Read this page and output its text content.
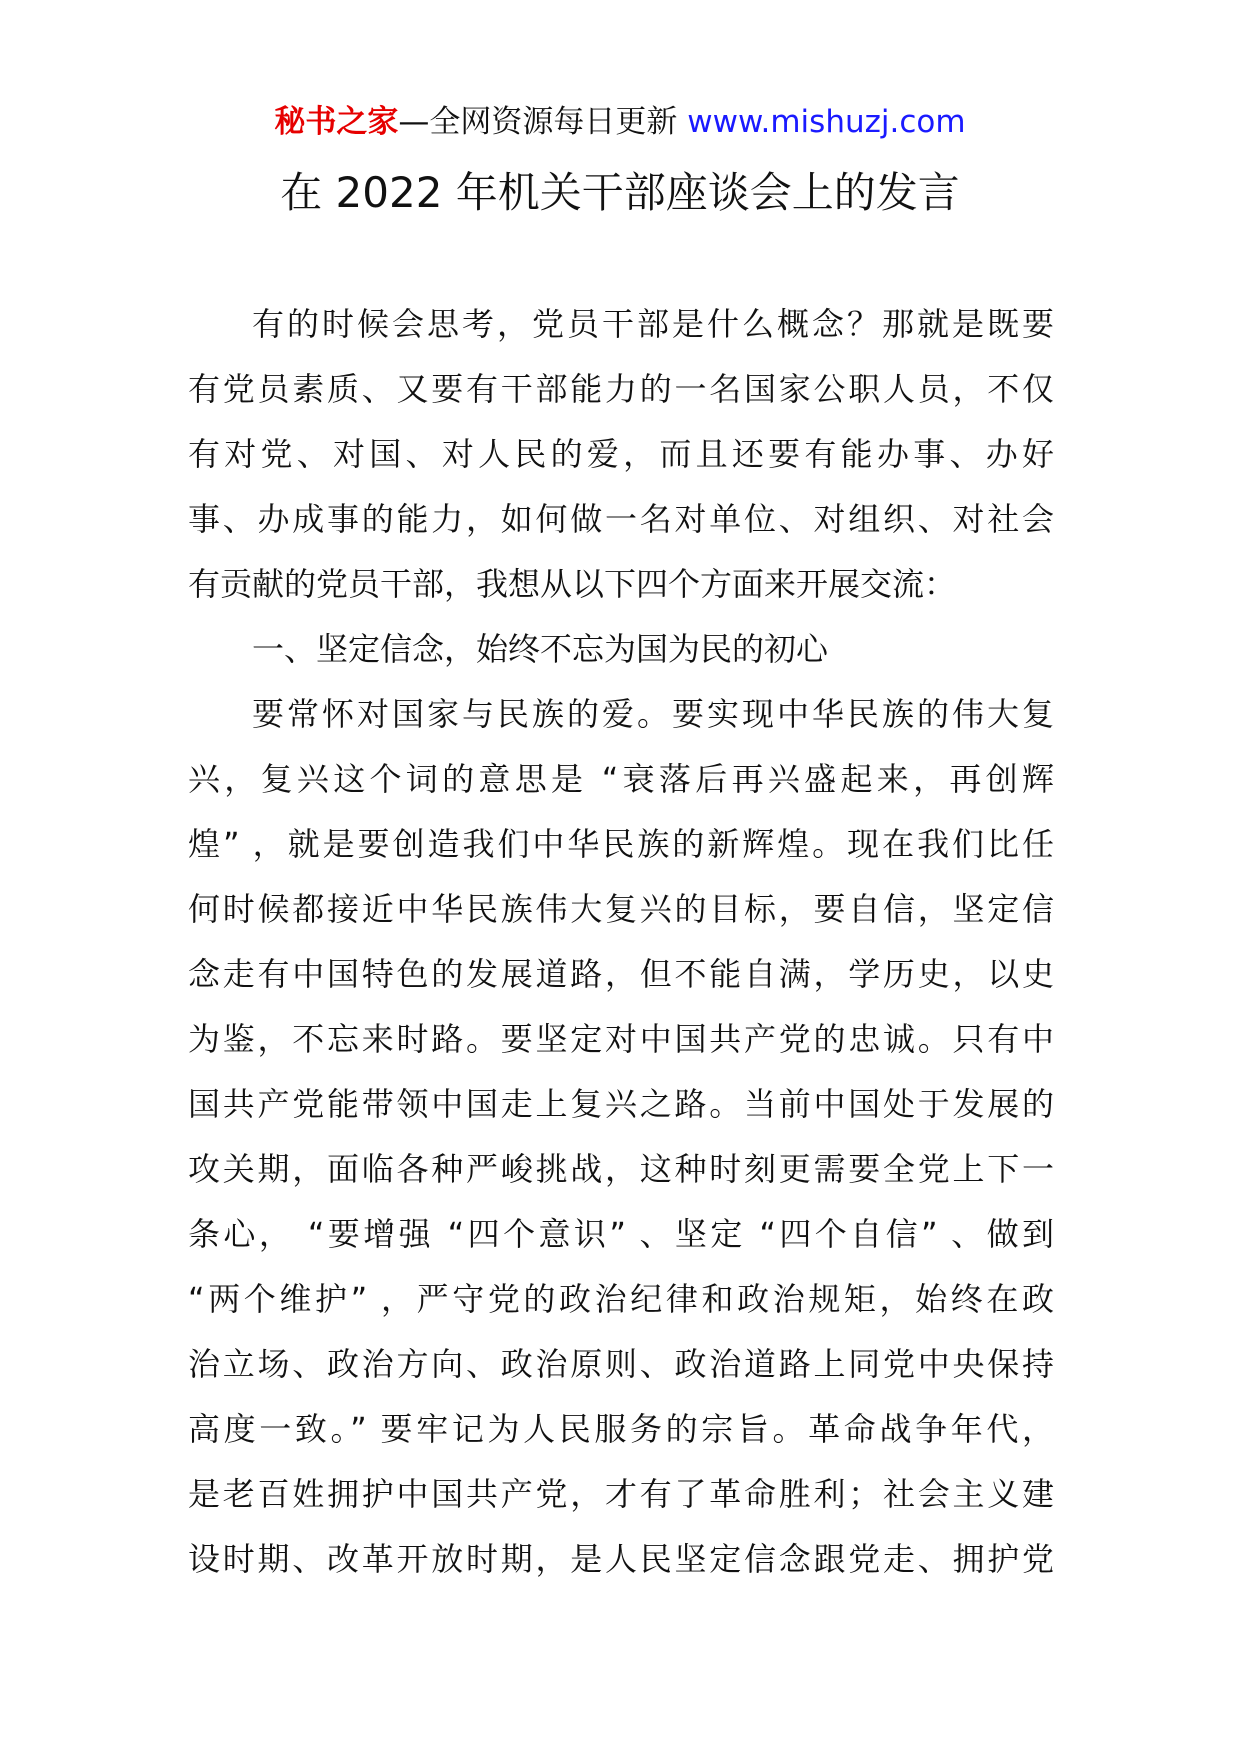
秘书之家—全网资源每日更新 www.mishuzj.com
在 2022 年机关干部座谈会上的发言
有的时候会思考，党员干部是什么概念？那就是既要
有党员素质、又要有干部能力的一名国家公职人员，不仅
有对党、对国、对人民的爱，而且还要有能办事、办好
事、办成事的能力，如何做一名对单位、对组织、对社会
有贡献的党员干部，我想从以下四个方面来开展交流：
一、坚定信念，始终不忘为国为民的初心
要常怀对国家与民族的爱。要实现中华民族的伟大复
兴，复兴这个词的意思是 “衰落后再兴盛起来，再创辉
煌” ，就是要创造我们中华民族的新辉煌。现在我们比任
何时候都接近中华民族伟大复兴的目标，要自信，坚定信
念走有中国特色的发展道路，但不能自满，学历史，以史
为鉴，不忘来时路。要坚定对中国共产党的忠诚。只有中
国共产党能带领中国走上复兴之路。当前中国处于发展的
攻关期，面临各种严峻挑战，这种时刻更需要全党上下一
条心， “要增强 “四个意识” 、坚定 “四个自信” 、做到
“两个维护” ，严守党的政治纪律和政治规矩，始终在政
治立场、政治方向、政治原则、政治道路上同党中央保持
高度一致。” 要牢记为人民服务的宗旨。革命战争年代，
是老百姓拥护中国共产党，才有了革命胜利；社会主义建
设时期、改革开放时期，是人民坚定信念跟党走、拥护党
